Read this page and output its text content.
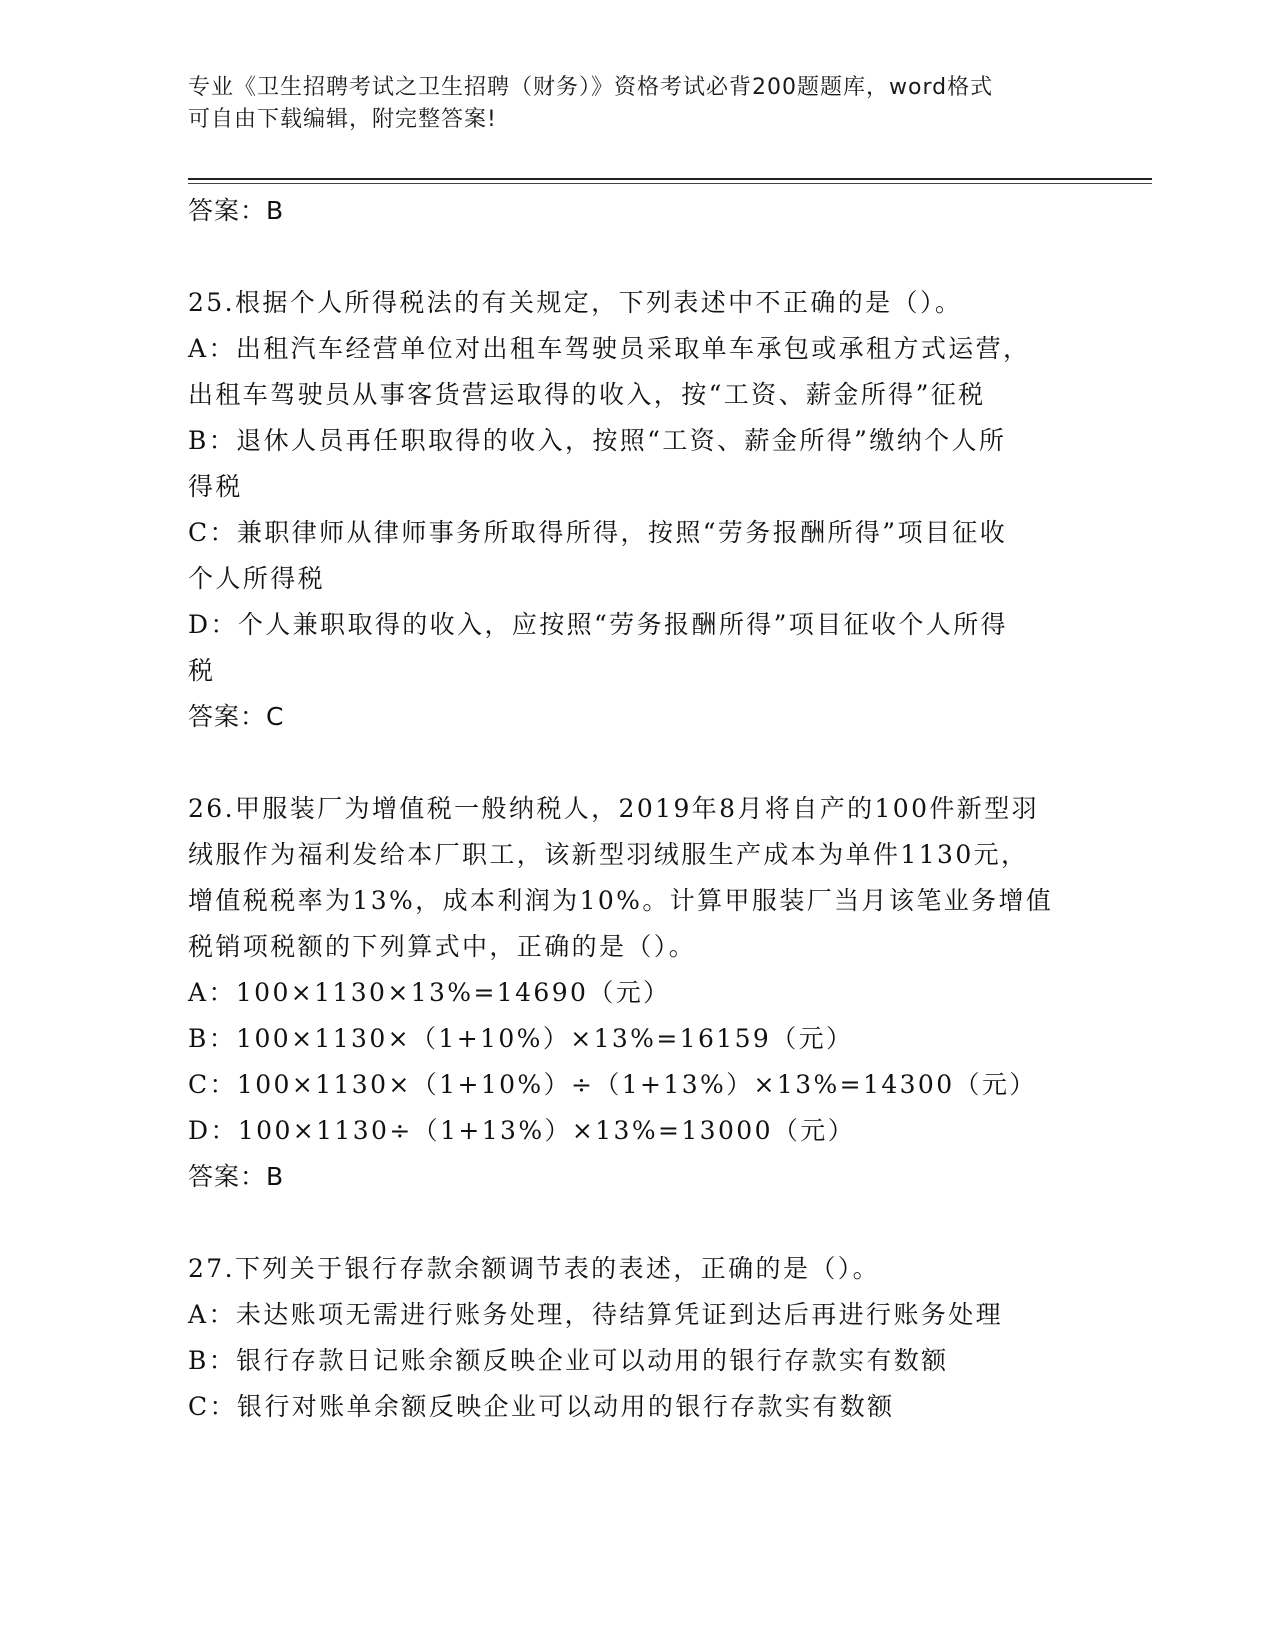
专业《卫生招聘考试之卫生招聘（财务）》资格考试必背200题题库，word格式
可自由下载编辑，附完整答案!
答案：B
25.根据个人所得税法的有关规定，下列表述中不正确的是（）。
A：出租汽车经营单位对出租车驾驶员采取单车承包或承租方式运营，
出租车驾驶员从事客货营运取得的收入，按“工资、薪金所得”征税
B：退休人员再任职取得的收入，按照“工资、薪金所得”缴纳个人所
得税
C：兼职律师从律师事务所取得所得，按照“劳务报酬所得”项目征收
个人所得税
D：个人兼职取得的收入，应按照“劳务报酬所得”项目征收个人所得
税
答案：C
26.甲服装厂为增值税一般纳税人，2019年8月将自产的100件新型羽
绒服作为福利发给本厂职工，该新型羽绒服生产成本为单件1130元，
增值税税率为13%，成本利润为10%。计算甲服装厂当月该笔业务增值
税销项税额的下列算式中，正确的是（）。
A：100×1130×13%=14690（元）
B：100×1130×（1+10%）×13%=16159（元）
C：100×1130×（1+10%）÷（1+13%）×13%=14300（元）
D：100×1130÷（1+13%）×13%=13000（元）
答案：B
27.下列关于银行存款余额调节表的表述，正确的是（）。
A：未达账项无需进行账务处理，待结算凭证到达后再进行账务处理
B：银行存款日记账余额反映企业可以动用的银行存款实有数额
C：银行对账单余额反映企业可以动用的银行存款实有数额
